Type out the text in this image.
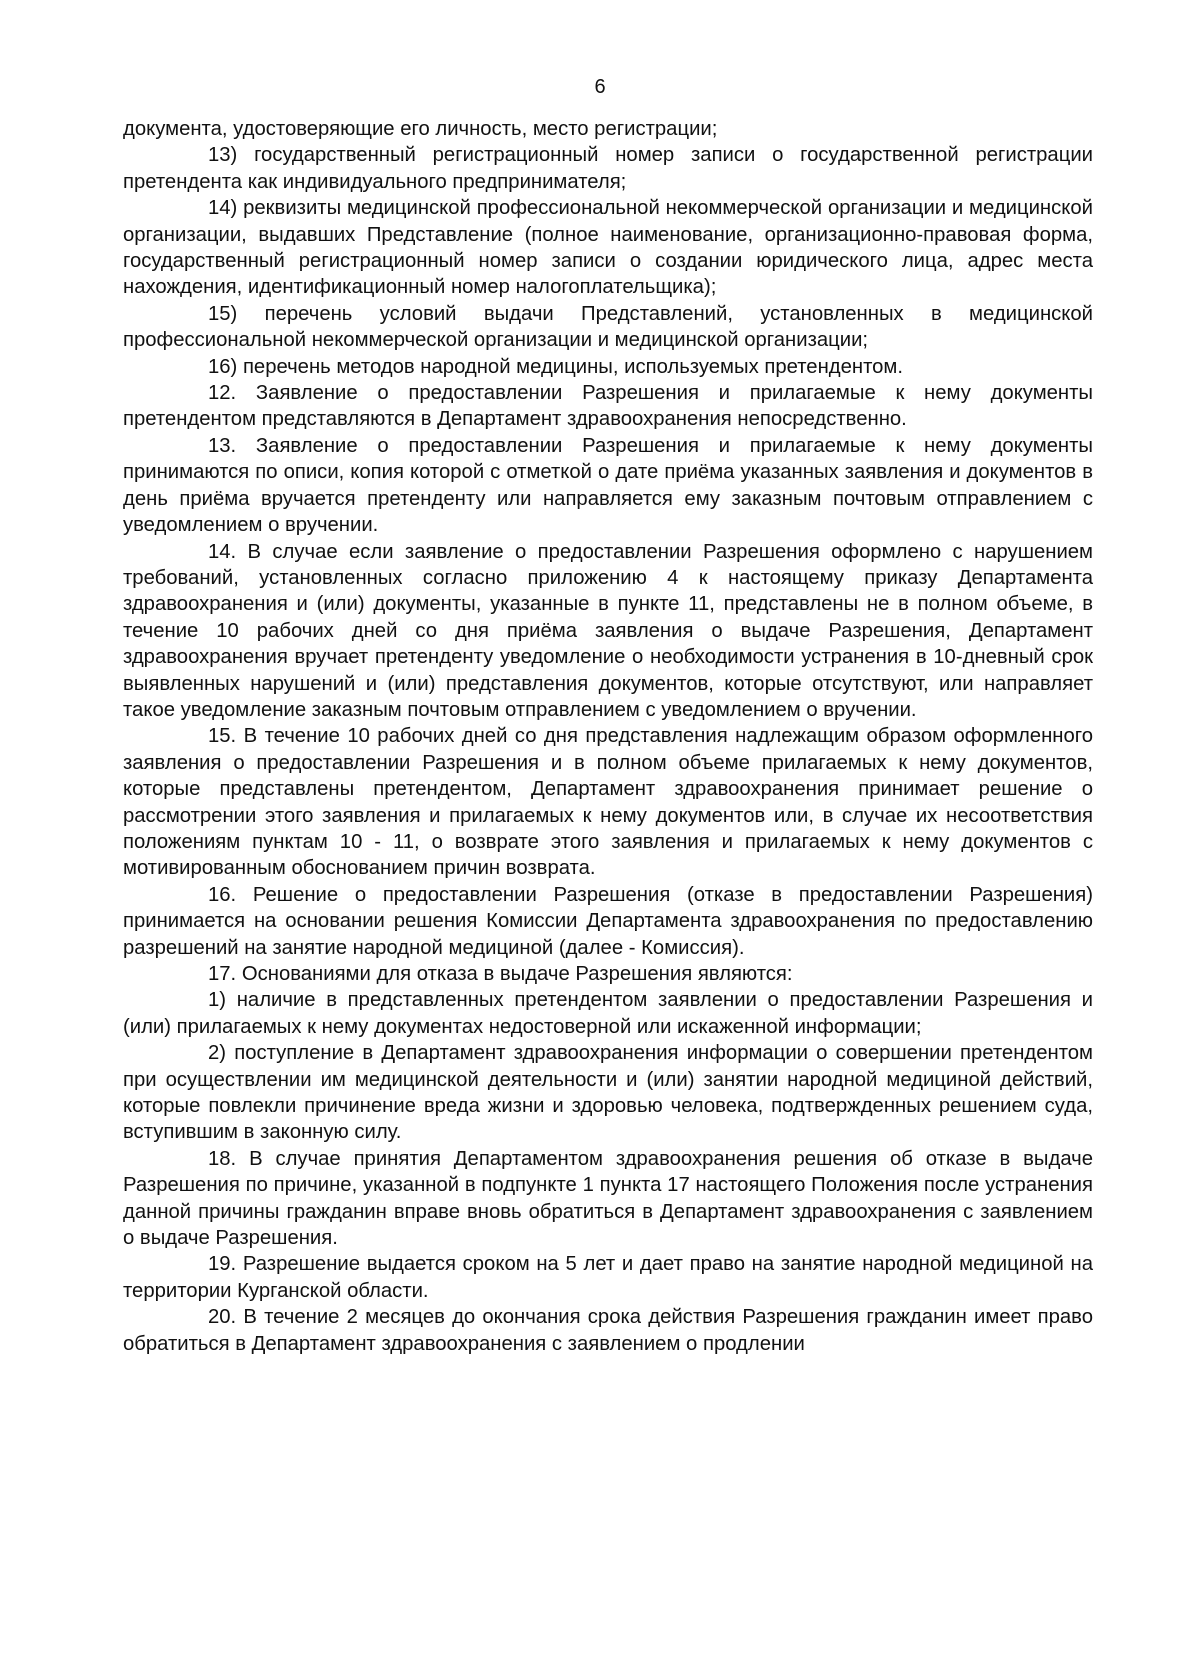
6

документа, удостоверяющие его личность, место регистрации;

13) государственный регистрационный номер записи о государственной регистрации претендента как индивидуального предпринимателя;

14) реквизиты медицинской профессиональной некоммерческой организации и медицинской организации, выдавших Представление (полное наименование, организационно-правовая форма, государственный регистрационный номер записи о создании юридического лица, адрес места нахождения, идентификационный номер налогоплательщика);

15) перечень условий выдачи Представлений, установленных в медицинской профессиональной некоммерческой организации и медицинской организации;

16) перечень методов народной медицины, используемых претендентом.

12. Заявление о предоставлении Разрешения и прилагаемые к нему документы претендентом представляются в Департамент здравоохранения непосредственно.

13. Заявление о предоставлении Разрешения и прилагаемые к нему документы принимаются по описи, копия которой с отметкой о дате приёма указанных заявления и документов в день приёма вручается претенденту или направляется ему заказным почтовым отправлением с уведомлением о вручении.

14. В случае если заявление о предоставлении Разрешения оформлено с нарушением требований, установленных согласно приложению 4 к настоящему приказу Департамента здравоохранения и (или) документы, указанные в пункте 11, представлены не в полном объеме, в течение 10 рабочих дней со дня приёма заявления о выдаче Разрешения, Департамент здравоохранения вручает претенденту уведомление о необходимости устранения в 10-дневный срок выявленных нарушений и (или) представления документов, которые отсутствуют, или направляет такое уведомление заказным почтовым отправлением с уведомлением о вручении.

15. В течение 10 рабочих дней со дня представления надлежащим образом оформленного заявления о предоставлении Разрешения и в полном объеме прилагаемых к нему документов, которые представлены претендентом, Департамент здравоохранения принимает решение о рассмотрении этого заявления и прилагаемых к нему документов или, в случае их несоответствия положениям пунктам 10 - 11, о возврате этого заявления и прилагаемых к нему документов с мотивированным обоснованием причин возврата.

16. Решение о предоставлении Разрешения (отказе в предоставлении Разрешения) принимается на основании решения Комиссии Департамента здравоохранения по предоставлению разрешений на занятие народной медициной (далее - Комиссия).

17. Основаниями для отказа в выдаче Разрешения являются:

1) наличие в представленных претендентом заявлении о предоставлении Разрешения и (или) прилагаемых к нему документах недостоверной или искаженной информации;

2) поступление в Департамент здравоохранения информации о совершении претендентом при осуществлении им медицинской деятельности и (или) занятии народной медициной действий, которые повлекли причинение вреда жизни и здоровью человека, подтвержденных решением суда, вступившим в законную силу.

18. В случае принятия Департаментом здравоохранения решения об отказе в выдаче Разрешения по причине, указанной в подпункте 1 пункта 17 настоящего Положения после устранения данной причины гражданин вправе вновь обратиться в Департамент здравоохранения с заявлением о выдаче Разрешения.

19. Разрешение выдается сроком на 5 лет и дает право на занятие народной медициной на территории Курганской области.

20. В течение 2 месяцев до окончания срока действия Разрешения гражданин имеет право обратиться в Департамент здравоохранения с заявлением о продлении
